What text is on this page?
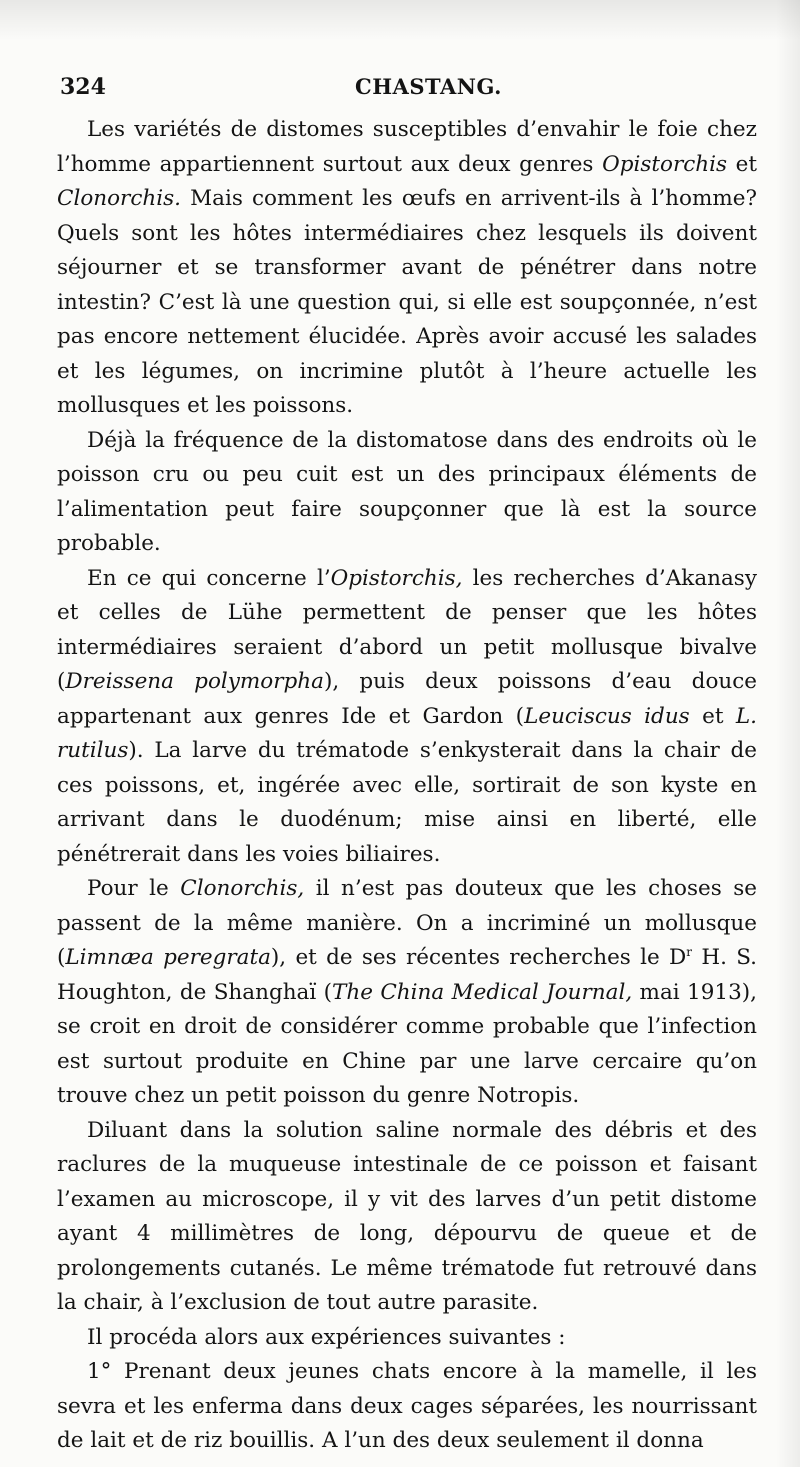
324	CHASTANG.

Les variétés de distomes susceptibles d’envahir le foie chez l’homme appartiennent surtout aux deux genres Opistorchis et Clonorchis. Mais comment les œufs en arrivent-ils à l’homme? Quels sont les hôtes intermédiaires chez lesquels ils doivent séjourner et se transformer avant de pénétrer dans notre intestin? C’est là une question qui, si elle est soupçonnée, n’est pas encore nettement élucidée. Après avoir accusé les salades et les légumes, on incrimine plutôt à l’heure actuelle les mollusques et les poissons.

Déjà la fréquence de la distomatose dans des endroits où le poisson cru ou peu cuit est un des principaux éléments de l’alimentation peut faire soupçonner que là est la source probable.

En ce qui concerne l’Opistorchis, les recherches d’Akanasy et celles de Lühe permettent de penser que les hôtes intermédiaires seraient d’abord un petit mollusque bivalve (Dreissena polymorpha), puis deux poissons d’eau douce appartenant aux genres Ide et Gardon (Leuciscus idus et L. rutilus). La larve du trématode s’enkysterait dans la chair de ces poissons, et, ingérée avec elle, sortirait de son kyste en arrivant dans le duodénum; mise ainsi en liberté, elle pénétrerait dans les voies biliaires.

Pour le Clonorchis, il n’est pas douteux que les choses se passent de la même manière. On a incriminé un mollusque (Limnæa peregrata), et de ses récentes recherches le $D^r$ H. S. Houghton, de Shanghaï (The China Medical Journal, mai 1913), se croit en droit de considérer comme probable que l’infection est surtout produite en Chine par une larve cercaire qu’on trouve chez un petit poisson du genre Notropis.

Diluant dans la solution saline normale des débris et des raclures de la muqueuse intestinale de ce poisson et faisant l’examen au microscope, il y vit des larves d’un petit distome ayant 4 millimètres de long, dépourvu de queue et de prolongements cutanés. Le même trématode fut retrouvé dans la chair, à l’exclusion de tout autre parasite.

Il procéda alors aux expériences suivantes :

1° Prenant deux jeunes chats encore à la mamelle, il les sevra et les enferma dans deux cages séparées, les nourrissant de lait et de riz bouillis. A l’un des deux seulement il donna
